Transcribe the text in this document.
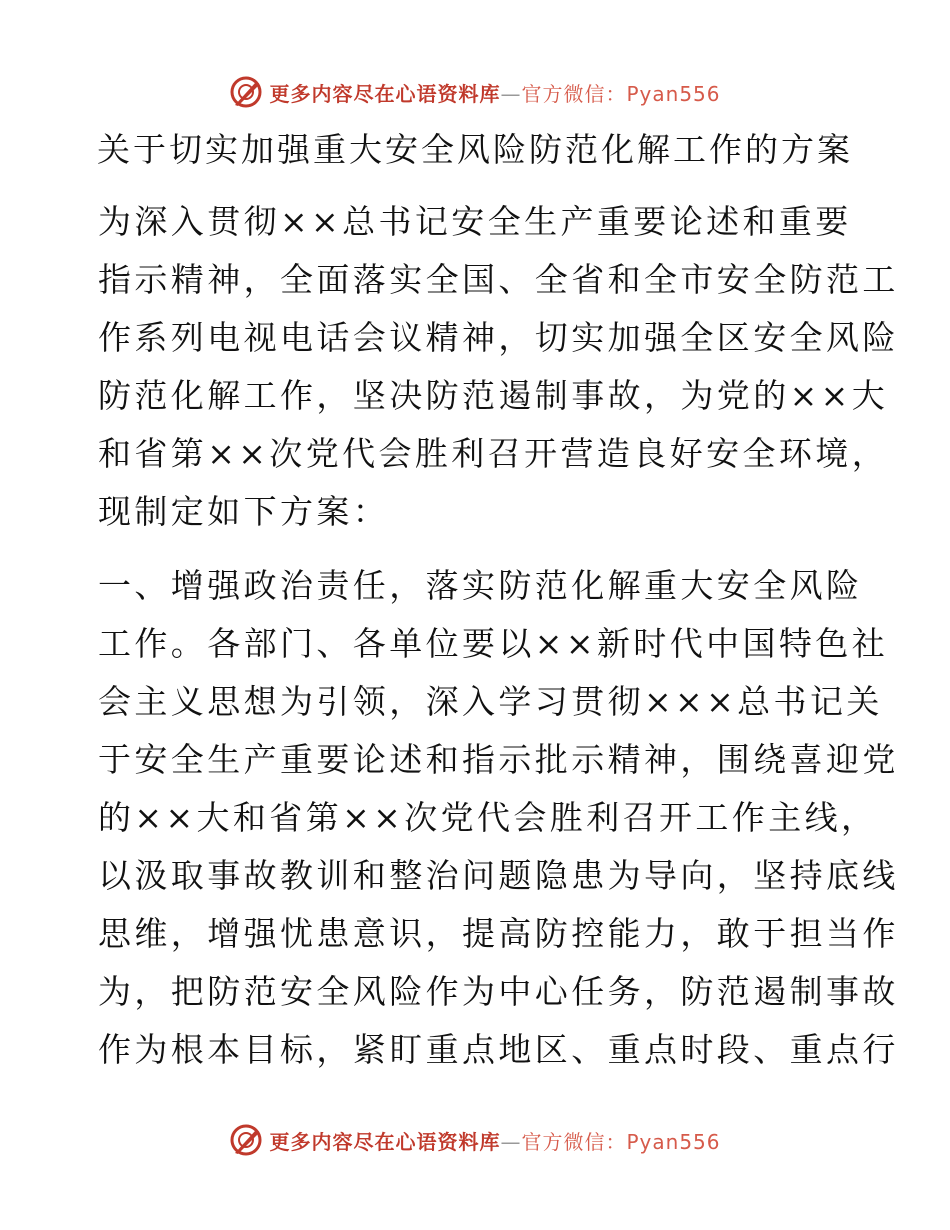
更多内容尽在心语资料库—官方微信：Pyan556
关于切实加强重大安全风险防范化解工作的方案
为深入贯彻××总书记安全生产重要论述和重要
指示精神，全面落实全国、全省和全市安全防范工
作系列电视电话会议精神，切实加强全区安全风险
防范化解工作，坚决防范遏制事故，为党的××大
和省第××次党代会胜利召开营造良好安全环境，
现制定如下方案：
一、增强政治责任，落实防范化解重大安全风险
工作。各部门、各单位要以××新时代中国特色社
会主义思想为引领，深入学习贯彻×××总书记关
于安全生产重要论述和指示批示精神，围绕喜迎党
的××大和省第××次党代会胜利召开工作主线，
以汲取事故教训和整治问题隐患为导向，坚持底线
思维，增强忧患意识，提高防控能力，敢于担当作
为，把防范安全风险作为中心任务，防范遏制事故
作为根本目标，紧盯重点地区、重点时段、重点行
更多内容尽在心语资料库—官方微信：Pyan556
